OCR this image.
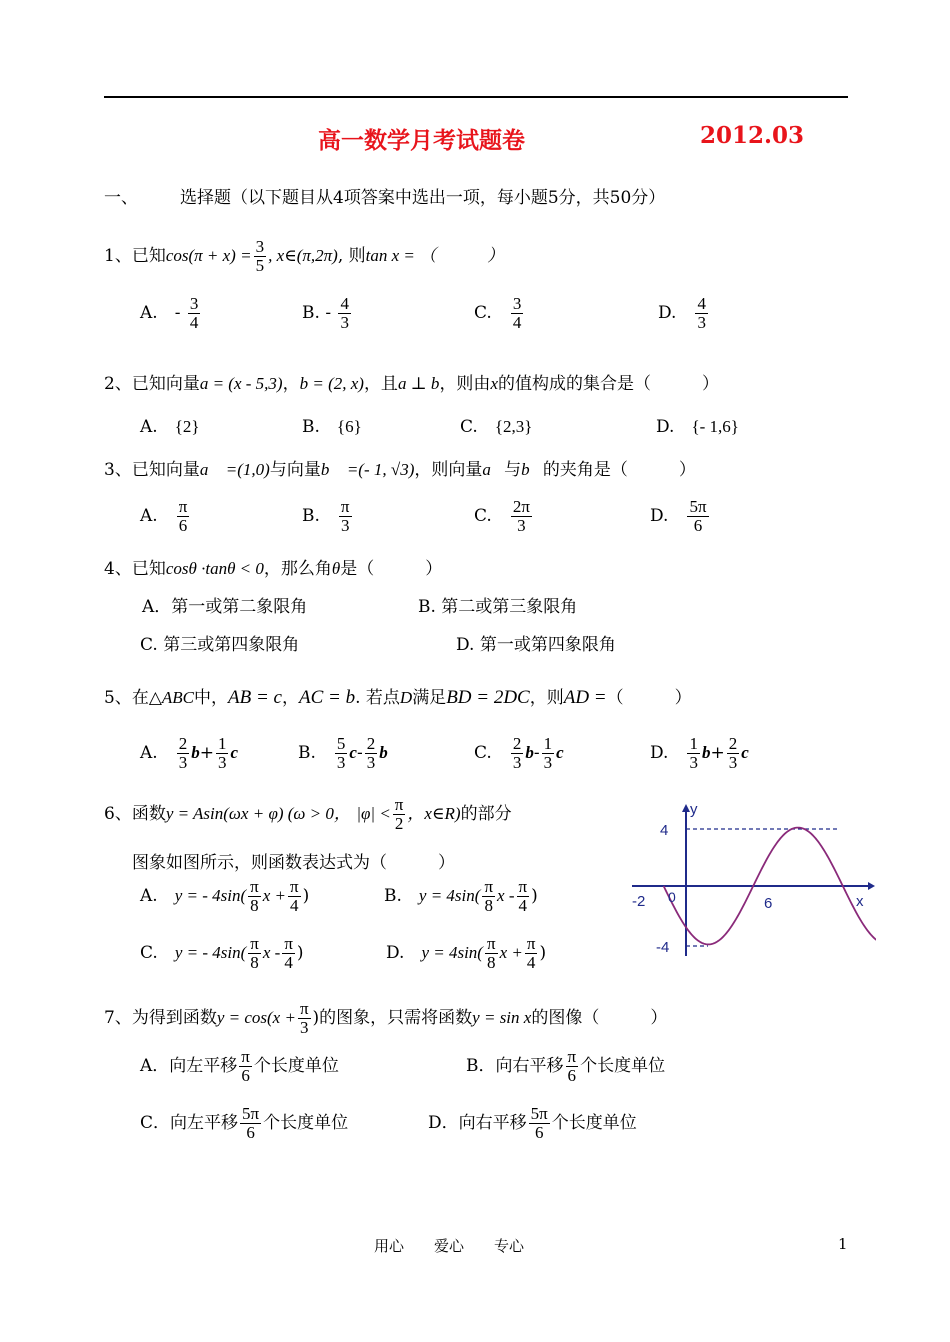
高一数学月考试题卷	2012.03
一、 选择题（以下题目从4项答案中选出一项，每小题5分，共50分）
1、已知$\cos(\pi + x) = \frac{3}{5}$ , x∈(π,2π), 则tan x = （　　　）
A.　 - $\frac{3}{4}$	B. - $\frac{4}{3}$	C.　 $\frac{3}{4}$	D.　 $\frac{4}{3}$
2、已知向量a = (x - 5,3)，b = (2, x)，且a ⊥ b，则由x的值构成的集合是（　　　）
A.　 {2}	B.　 {6}	C.　 {2,3}	D.　 {- 1,6}
3、已知向量a⃗ =(1,0)与向量b⃗ =(- 1, √3)，则向量a⃗与b⃗的夹角是（　　　）
A.　 $\frac{\pi}{6}$	B.　 $\frac{\pi}{3}$	C.　 $\frac{2\pi}{3}$	D.　 $\frac{5\pi}{6}$
4、已知cosθ ·tanθ < 0，那么角θ是（　　　）
A．第一或第二象限角	B. 第二或第三象限角
C. 第三或第四象限角	D. 第一或第四象限角
5、在△ABC中，AB = c，AC = b. 若点D满足BD = 2DC，则AD =（　　　）
A.　 $\frac{2}{3} b+ \frac{1}{3}$ c	B.　 $\frac{5}{3} c- \frac{2}{3}$ b	C.　 $\frac{2}{3} b- \frac{1}{3}$ c	D.　 $\frac{1}{3} b+ \frac{2}{3}$ c
6、函数y = Asin(ωx + φ) (ω > 0， $|\varphi| < \frac{\pi}{2}$ ，x∈R)的部分
图象如图所示，则函数表达式为（　　　）
A.　 y = - $4\sin( \frac{\pi}{8}$ $x + \frac{\pi}{4}$ )	B.　 $y = 4\sin( \frac{\pi}{8}$ x - $\frac{\pi}{4}$ )
C.　 y = - $4\sin( \frac{\pi}{8}$ x - $\frac{\pi}{4}$ )	D.　 $y = 4\sin( \frac{\pi}{8}$ $x + \frac{\pi}{4}$ )
4
-4
-2 0	6	x
y
7、为得到函数$y = \cos(x + \frac{\pi}{3}$ )的图象，只需将函数y = sin x的图像（　　　）
A．向左平移 $\frac{\pi}{6}$ 个长度单位	B．向右平移 $\frac{\pi}{6}$ 个长度单位
C．向左平移 $\frac{5\pi}{6}$ 个长度单位	D．向右平移 $\frac{5\pi}{6}$ 个长度单位
用心　　爱心　　专心	1
